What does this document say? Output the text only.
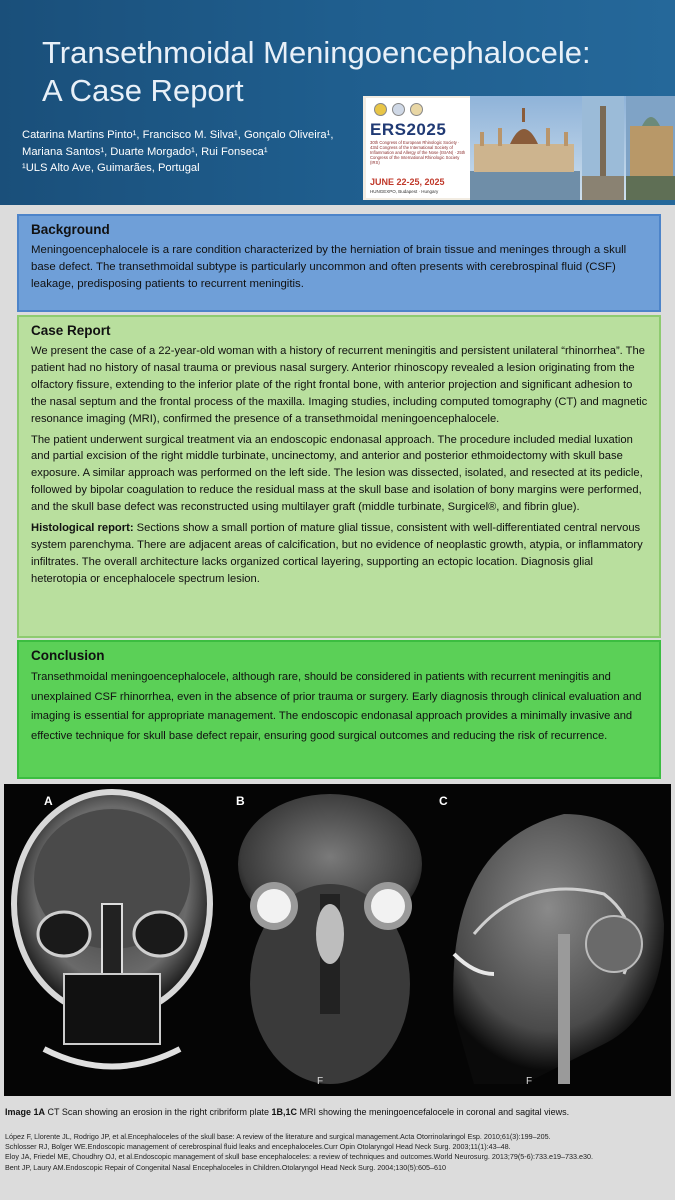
Transethmoidal Meningoencephalocele:
A Case Report
Catarina Martins Pinto¹, Francisco M. Silva¹, Gonçalo Oliveira¹,
Mariana Santos¹, Duarte Morgado¹, Rui Fonseca¹
¹ULS Alto Ave, Guimarães, Portugal
ERS2025
30th Congress of European Rhinologic Society · 43rd Congress of the International Society of Inflammation and Allergy of the Nose (ISIAN) · 25th Congress of the International Rhinologic Society (IRS)
JUNE 22-25, 2025
HUNGEXPO, Budapest · Hungary
Background

Meningoencephalocele is a rare condition characterized by the herniation of brain tissue and meninges through a skull base defect. The transethmoidal subtype is particularly uncommon and often presents with cerebrospinal fluid (CSF) leakage, predisposing patients to recurrent meningitis.

Case Report

We present the case of a 22-year-old woman with a history of recurrent meningitis and persistent unilateral “rhinorrhea”. The patient had no history of nasal trauma or previous nasal surgery. Anterior rhinoscopy revealed a lesion originating from the olfactory fissure, extending to the inferior plate of the right frontal bone, with anterior projection and significant adhesion to the nasal septum and the frontal process of the maxilla. Imaging studies, including computed tomography (CT) and magnetic resonance imaging (MRI), confirmed the presence of a transethmoidal meningoencephalocele.

The patient underwent surgical treatment via an endoscopic endonasal approach. The procedure included medial luxation and partial excision of the right middle turbinate, uncinectomy, and anterior and posterior ethmoidectomy with skull base exposure. A similar approach was performed on the left side. The lesion was dissected, isolated, and resected at its pedicle, followed by bipolar coagulation to reduce the residual mass at the skull base and isolation of bony margins were performed, and the skull base defect was reconstructed using multilayer graft (middle turbinate, Surgicel®, and fibrin glue).

Histological report: Sections show a small portion of mature glial tissue, consistent with well-differentiated central nervous system parenchyma. There are adjacent areas of calcification, but no evidence of neoplastic growth, atypia, or inflammatory infiltrates. The overall architecture lacks organized cortical layering, supporting an ectopic location. Diagnosis glial heterotopia or encephalocele spectrum lesion.

Conclusion

Transethmoidal meningoencephalocele, although rare, should be considered in patients with recurrent meningitis and unexplained CSF rhinorrhea, even in the absence of prior trauma or surgery. Early diagnosis through clinical evaluation and imaging is essential for appropriate management. The endoscopic endonasal approach provides a minimally invasive and effective technique for skull base defect repair, ensuring good surgical outcomes and reducing the risk of recurrence.

A	B	C
F	F
Image 1A CT Scan showing an erosion in the right cribriform plate 1B,1C MRI showing the meningoencefalocele in coronal and sagital views.
López F, Llorente JL, Rodrigo JP, et al.Encephaloceles of the skull base: A review of the literature and surgical management.Acta Otorrinolaringol Esp. 2010;61(3):199–205.
Schlosser RJ, Bolger WE.Endoscopic management of cerebrospinal fluid leaks and encephaloceles.Curr Opin Otolaryngol Head Neck Surg. 2003;11(1):43–48.
Eloy JA, Friedel ME, Choudhry OJ, et al.Endoscopic management of skull base encephaloceles: a review of techniques and outcomes.World Neurosurg. 2013;79(5-6):733.e19–733.e30.
Bent JP, Laury AM.Endoscopic Repair of Congenital Nasal Encephaloceles in Children.Otolaryngol Head Neck Surg. 2004;130(5):605–610
